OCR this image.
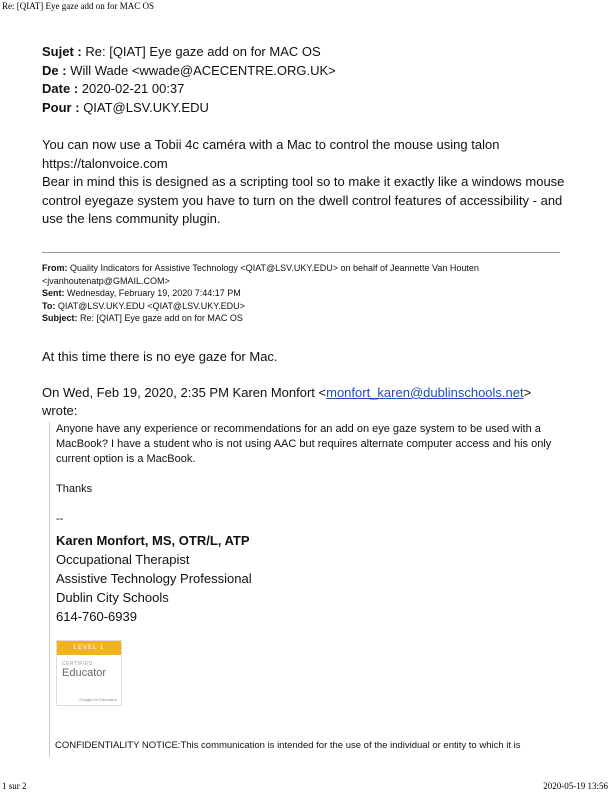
Re: [QIAT] Eye gaze add on for MAC OS
Sujet : Re: [QIAT] Eye gaze add on for MAC OS
De : Will Wade <wwade@ACECENTRE.ORG.UK>
Date : 2020-02-21 00:37
Pour : QIAT@LSV.UKY.EDU

You can now use a Tobii 4c caméra with a Mac to control the mouse using talon

https://talonvoice.com

Bear in mind this is designed as a scripting tool so to make it exactly like a windows mouse control eyegaze system you have to turn on the dwell control features of accessibility - and use the lens community plugin.

From: Quality Indicators for Assistive Technology <QIAT@LSV.UKY.EDU> on behalf of Jeannette Van Houten <jvanhoutenatp@GMAIL.COM>
Sent: Wednesday, February 19, 2020 7:44:17 PM
To: QIAT@LSV.UKY.EDU <QIAT@LSV.UKY.EDU>
Subject: Re: [QIAT] Eye gaze add on for MAC OS
At this time there is no eye gaze for Mac.
On Wed, Feb 19, 2020, 2:35 PM Karen Monfort <monfort_karen@dublinschools.net>
wrote:

Anyone have any experience or recommendations for an add on eye gaze system to be used with a MacBook? I have a student who is not using AAC but requires alternate computer access and his only current option is a MacBook.

Thanks
--
Karen Monfort, MS, OTR/L, ATP
Occupational Therapist
Assistive Technology Professional
Dublin City Schools
614-760-6939
LEVEL 1
CERTIFIED
Educator
Google for Education
CONFIDENTIALITY NOTICE:This communication is intended for the use of the individual or entity to which it is
1 sur 2	2020-05-19 13:56
